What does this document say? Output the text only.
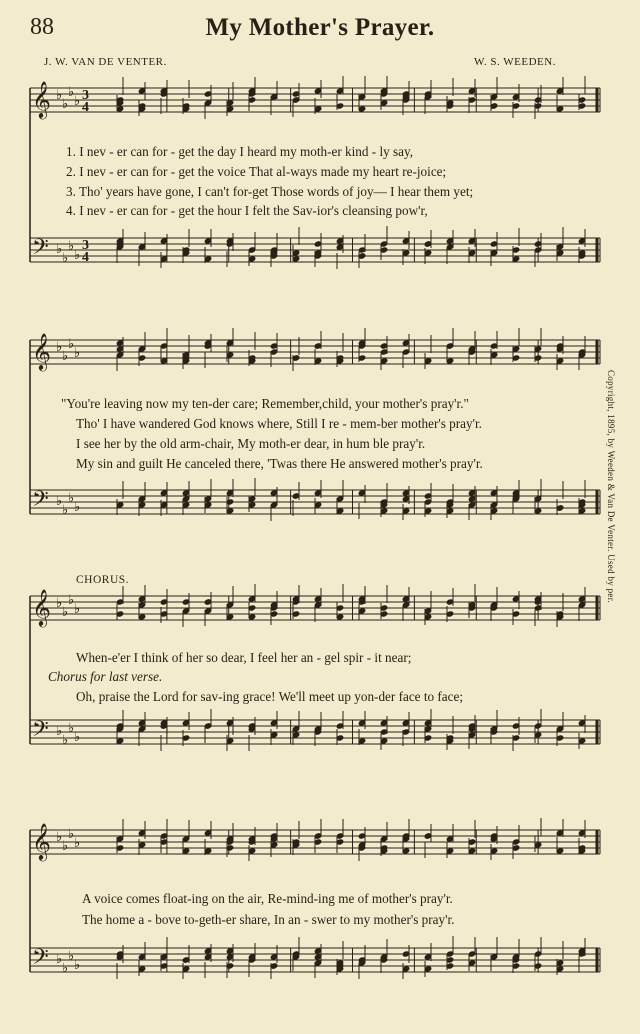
88	My Mother's Prayer.
J. W. VAN DE VENTER.	W. S. WEEDEN.
𝄞
𝄢
♭
♭
♭
♭
♭
♭
♭
♭
3
3
4
4
𝄞
𝄢
♭
♭
♭
♭
♭
♭
♭
♭
𝄞
𝄢
♭
♭
♭
♭
♭
♭
♭
♭
𝄞
𝄢
♭
♭
♭
♭
♭
♭
♭
♭
1. I nev - er can for - get the day I heard my moth-er kind - ly say,
2. I nev - er can for - get the voice That al-ways made my heart re-joice;
3. Tho' years have gone, I can't for-get Those words of joy— I hear them yet;
4. I nev - er can for - get the hour I felt the Sav-ior's cleansing pow'r,
"You're leaving now my ten-der care; Remember,child, your mother's pray'r."
Tho' I have wandered God knows where, Still I re - mem-ber mother's pray'r.
I see her by the old arm-chair, My moth-er dear, in hum ble pray'r.
My sin and guilt He canceled there, 'Twas there He answered mother's pray'r.
CHORUS.
When-e'er I think of her so dear, I feel her an - gel spir - it near;
Chorus for last verse.
Oh, praise the Lord for sav-ing grace! We'll meet up yon-der face to face;
A voice comes float-ing on the air, Re-mind-ing me of mother's pray'r.
The home a - bove to-geth-er share, In an - swer to my mother's pray'r.
Copyright, 1895, by Weeden & Van De Venter. Used by per.
